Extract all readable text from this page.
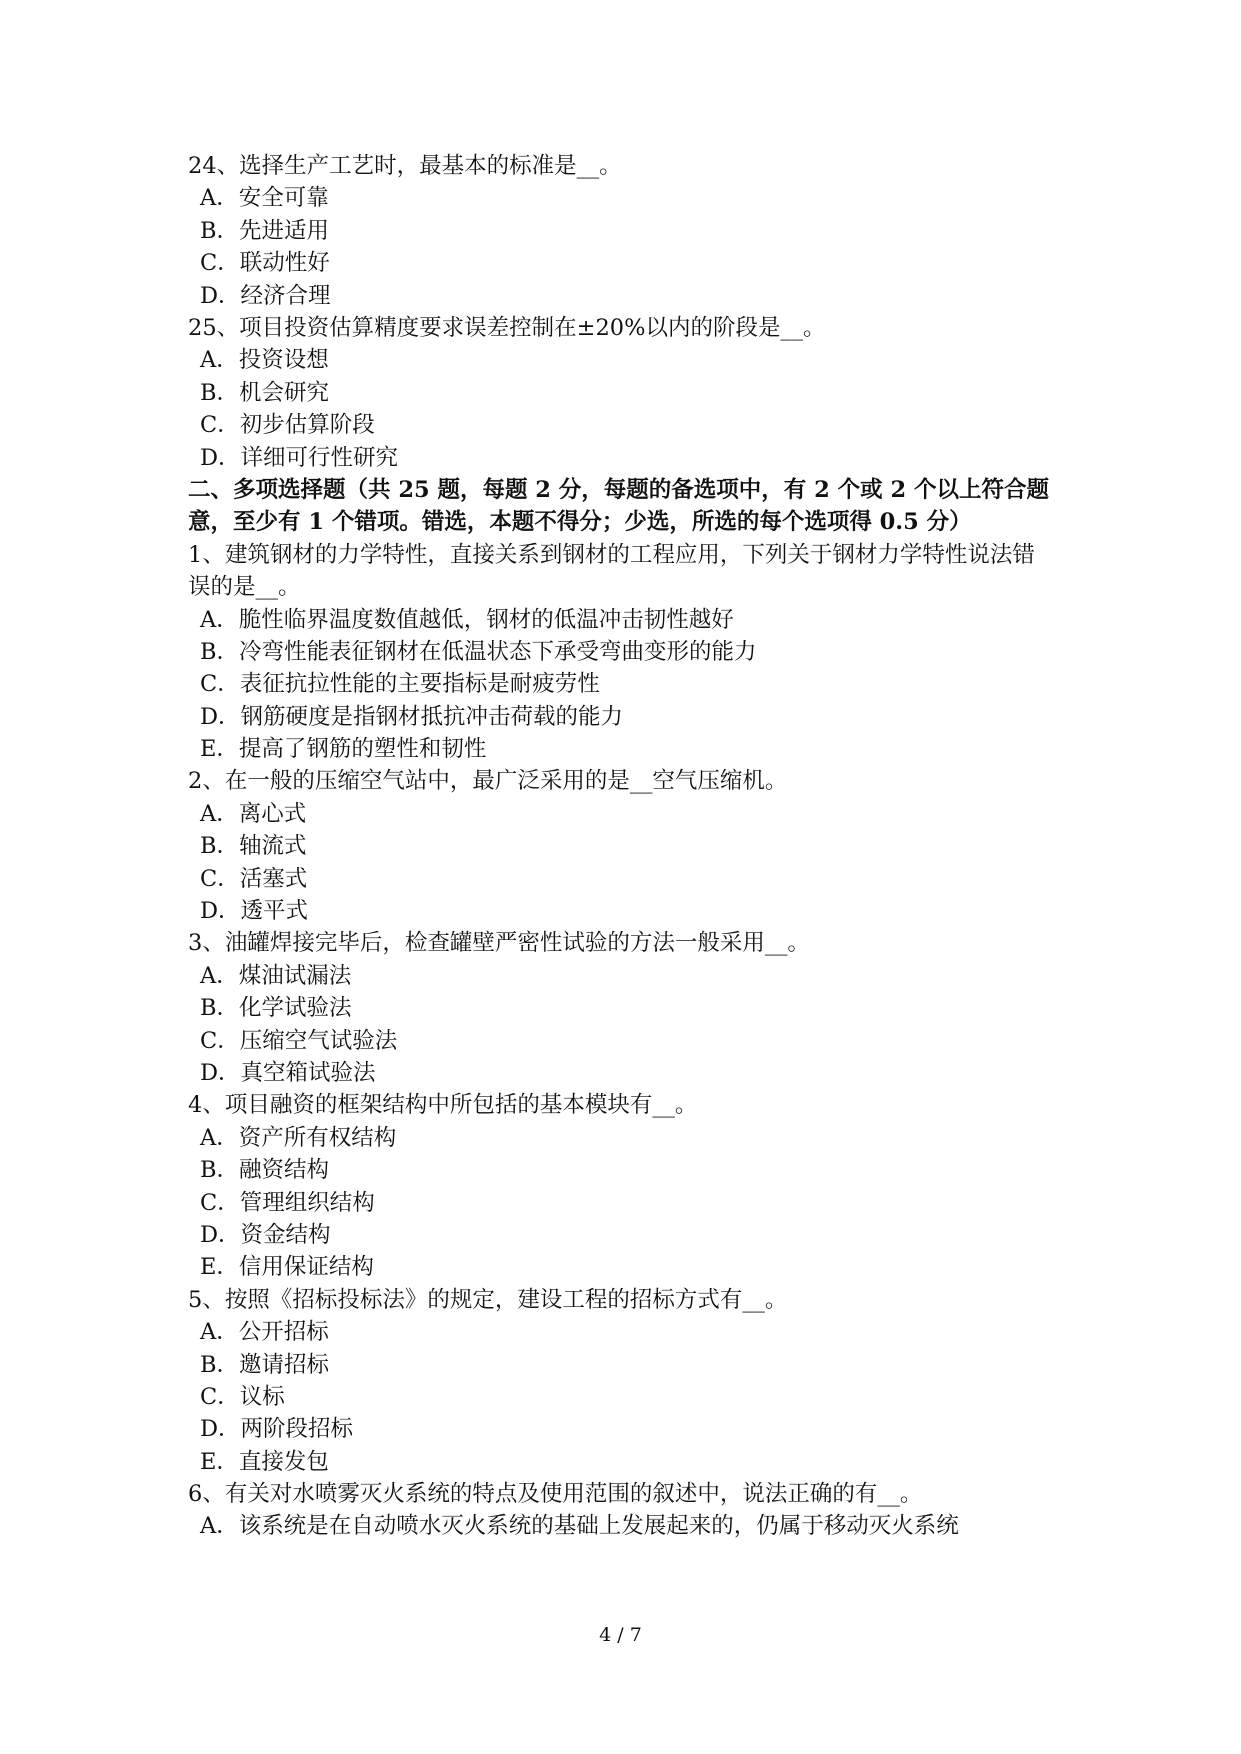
24、选择生产工艺时，最基本的标准是__。
A．安全可靠
B．先进适用
C．联动性好
D．经济合理
25、项目投资估算精度要求误差控制在±20%以内的阶段是__。
A．投资设想
B．机会研究
C．初步估算阶段
D．详细可行性研究
二、多项选择题（共 25 题，每题 2 分，每题的备选项中，有 2 个或 2 个以上符合题意，至少有 1 个错项。错选，本题不得分；少选，所选的每个选项得 0.5 分）
1、建筑钢材的力学特性，直接关系到钢材的工程应用，下列关于钢材力学特性说法错误的是__。
A．脆性临界温度数值越低，钢材的低温冲击韧性越好
B．冷弯性能表征钢材在低温状态下承受弯曲变形的能力
C．表征抗拉性能的主要指标是耐疲劳性
D．钢筋硬度是指钢材抵抗冲击荷载的能力
E．提高了钢筋的塑性和韧性
2、在一般的压缩空气站中，最广泛采用的是__空气压缩机。
A．离心式
B．轴流式
C．活塞式
D．透平式
3、油罐焊接完毕后，检查罐壁严密性试验的方法一般采用__。
A．煤油试漏法
B．化学试验法
C．压缩空气试验法
D．真空箱试验法
4、项目融资的框架结构中所包括的基本模块有__。
A．资产所有权结构
B．融资结构
C．管理组织结构
D．资金结构
E．信用保证结构
5、按照《招标投标法》的规定，建设工程的招标方式有__。
A．公开招标
B．邀请招标
C．议标
D．两阶段招标
E．直接发包
6、有关对水喷雾灭火系统的特点及使用范围的叙述中，说法正确的有__。
A．该系统是在自动喷水灭火系统的基础上发展起来的，仍属于移动灭火系统
4 / 7
